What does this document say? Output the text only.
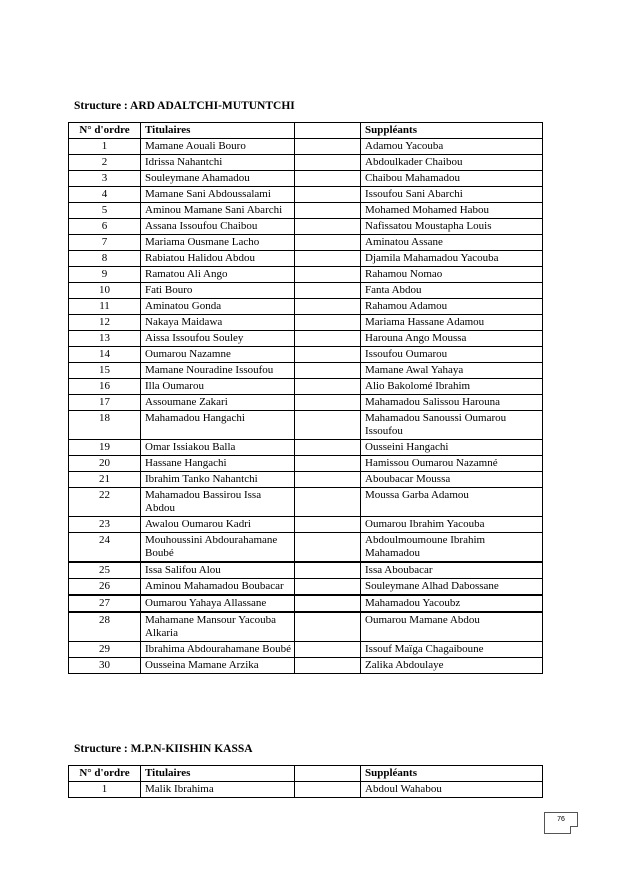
Structure : ARD ADALTCHI-MUTUNTCHI
N° d'ordre	Titulaires		Suppléants
1	Mamane Aouali Bouro		Adamou Yacouba
2	Idrissa Nahantchi		Abdoulkader Chaibou
3	Souleymane Ahamadou		Chaibou Mahamadou
4	Mamane Sani Abdoussalami		Issoufou Sani Abarchi
5	Aminou Mamane Sani Abarchi		Mohamed Mohamed Habou
6	Assana Issoufou Chaibou		Nafissatou Moustapha Louis
7	Mariama Ousmane Lacho		Aminatou Assane
8	Rabiatou Halidou Abdou		Djamila Mahamadou Yacouba
9	Ramatou Ali Ango		Rahamou Nomao
10	Fati Bouro		Fanta Abdou
11	Aminatou Gonda		Rahamou Adamou
12	Nakaya Maidawa		Mariama Hassane Adamou
13	Aissa Issoufou Souley		Harouna Ango Moussa
14	Oumarou Nazamne		Issoufou Oumarou
15	Mamane Nouradine Issoufou		Mamane Awal Yahaya
16	Illa Oumarou		Alio Bakolomé Ibrahim
17	Assoumane Zakari		Mahamadou Salissou Harouna
18	Mahamadou Hangachi		Mahamadou Sanoussi Oumarou Issoufou
19	Omar Issiakou Balla		Ousseini Hangachi
20	Hassane Hangachi		Hamissou Oumarou Nazamné
21	Ibrahim Tanko Nahantchi		Aboubacar Moussa
22	Mahamadou Bassirou Issa Abdou		Moussa Garba Adamou
23	Awalou Oumarou Kadri		Oumarou Ibrahim Yacouba
24	Mouhoussini Abdourahamane Boubé		Abdoulmoumoune Ibrahim Mahamadou
25	Issa Salifou Alou		Issa Aboubacar
26	Aminou Mahamadou Boubacar		Souleymane Alhad Dabossane
27	Oumarou Yahaya Allassane		Mahamadou Yacoubz
28	Mahamane Mansour Yacouba Alkaria		Oumarou Mamane Abdou
29	Ibrahima Abdourahamane Boubé		Issouf Maïga Chagaiboune
30	Ousseina Mamane Arzika		Zalika Abdoulaye
Structure : M.P.N-KIISHIN KASSA
N° d'ordre	Titulaires		Suppléants
1	Malik Ibrahima		Abdoul Wahabou
76
